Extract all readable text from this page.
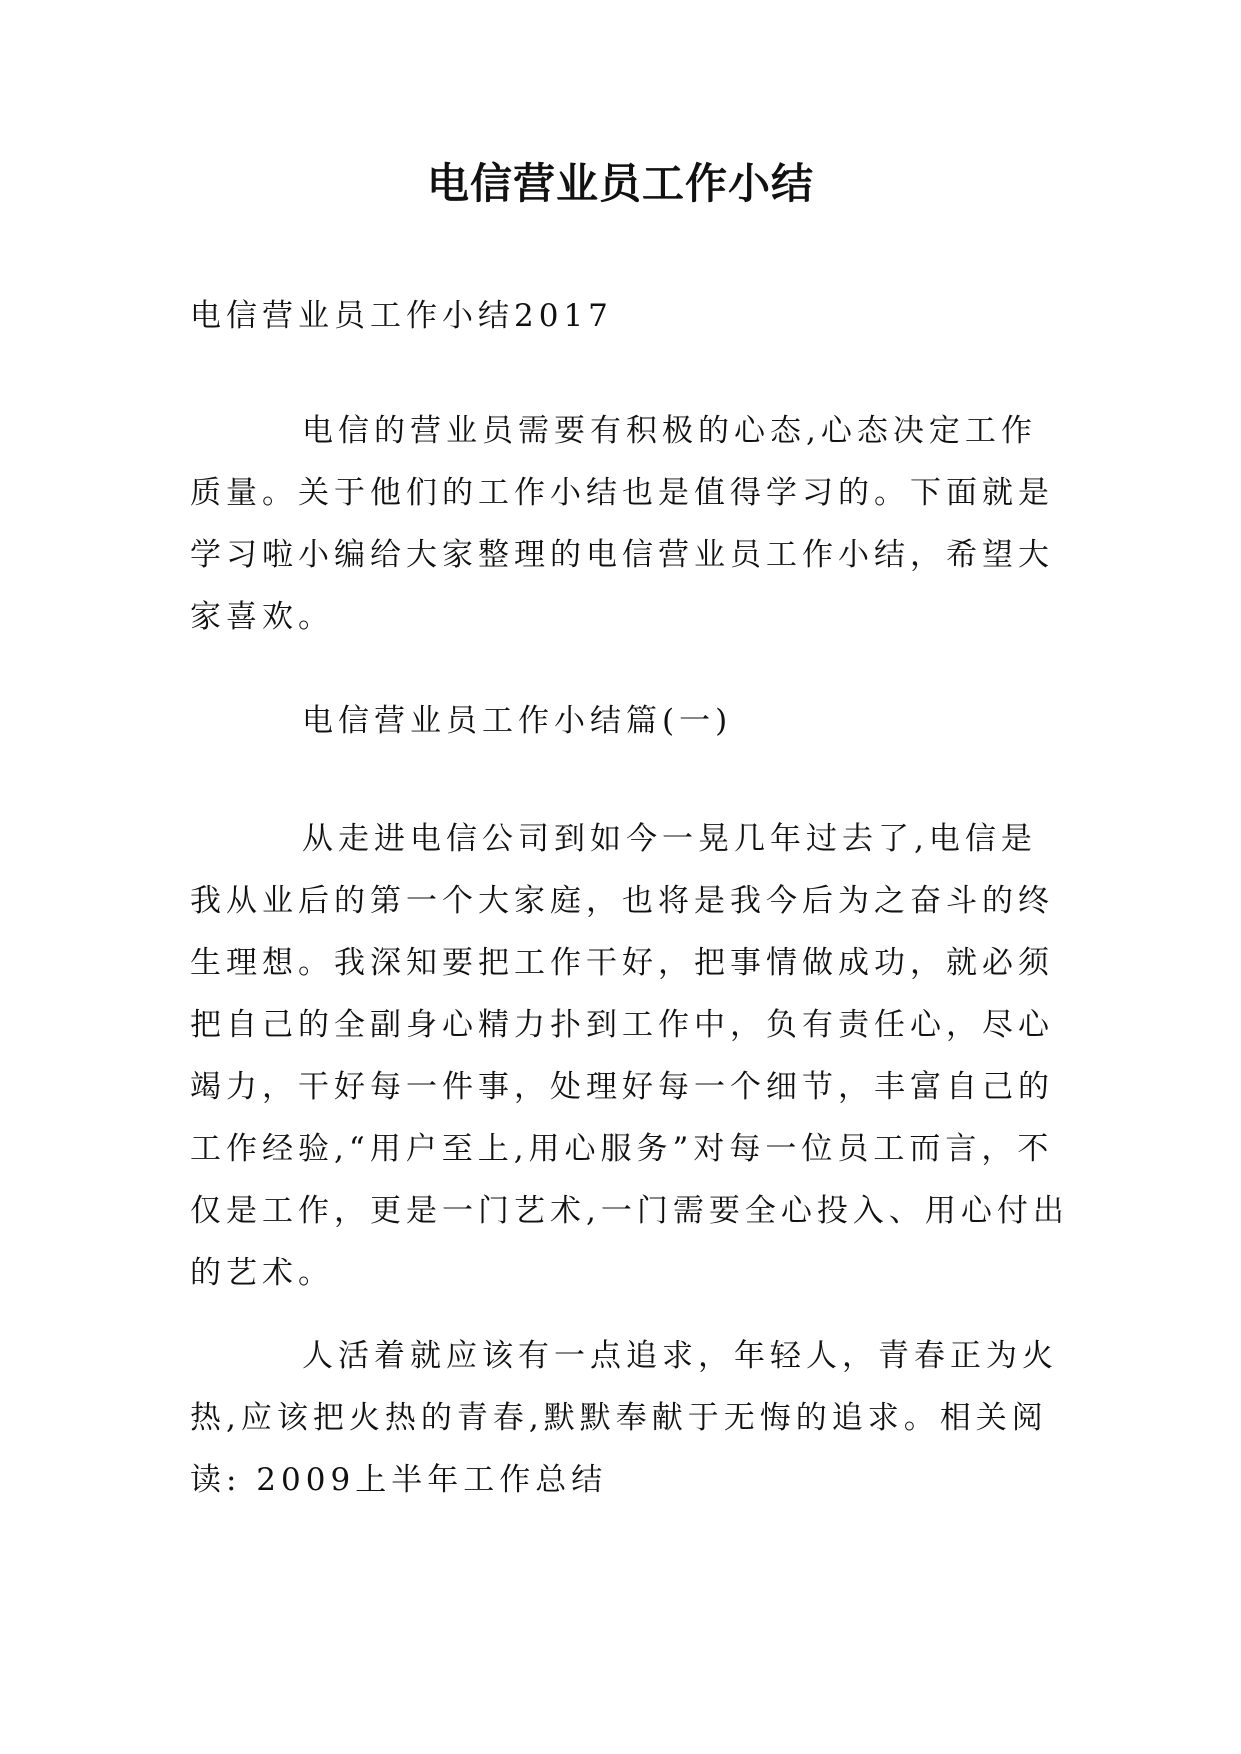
电信营业员工作小结

电信营业员工作小结2017

电信的营业员需要有积极的心态,心态决定工作质量。关于他们的工作小结也是值得学习的。下面就是学习啦小编给大家整理的电信营业员工作小结，希望大家喜欢。

电信营业员工作小结篇(一)

从走进电信公司到如今一晃几年过去了,电信是我从业后的第一个大家庭，也将是我今后为之奋斗的终生理想。我深知要把工作干好，把事情做成功，就必须把自己的全副身心精力扑到工作中，负有责任心，尽心竭力，干好每一件事，处理好每一个细节，丰富自己的工作经验,“用户至上,用心服务”对每一位员工而言，不仅是工作，更是一门艺术,一门需要全心投入、用心付出的艺术。

人活着就应该有一点追求，年轻人，青春正为火热,应该把火热的青春,默默奉献于无悔的追求。相关阅读: 2009上半年工作总结
